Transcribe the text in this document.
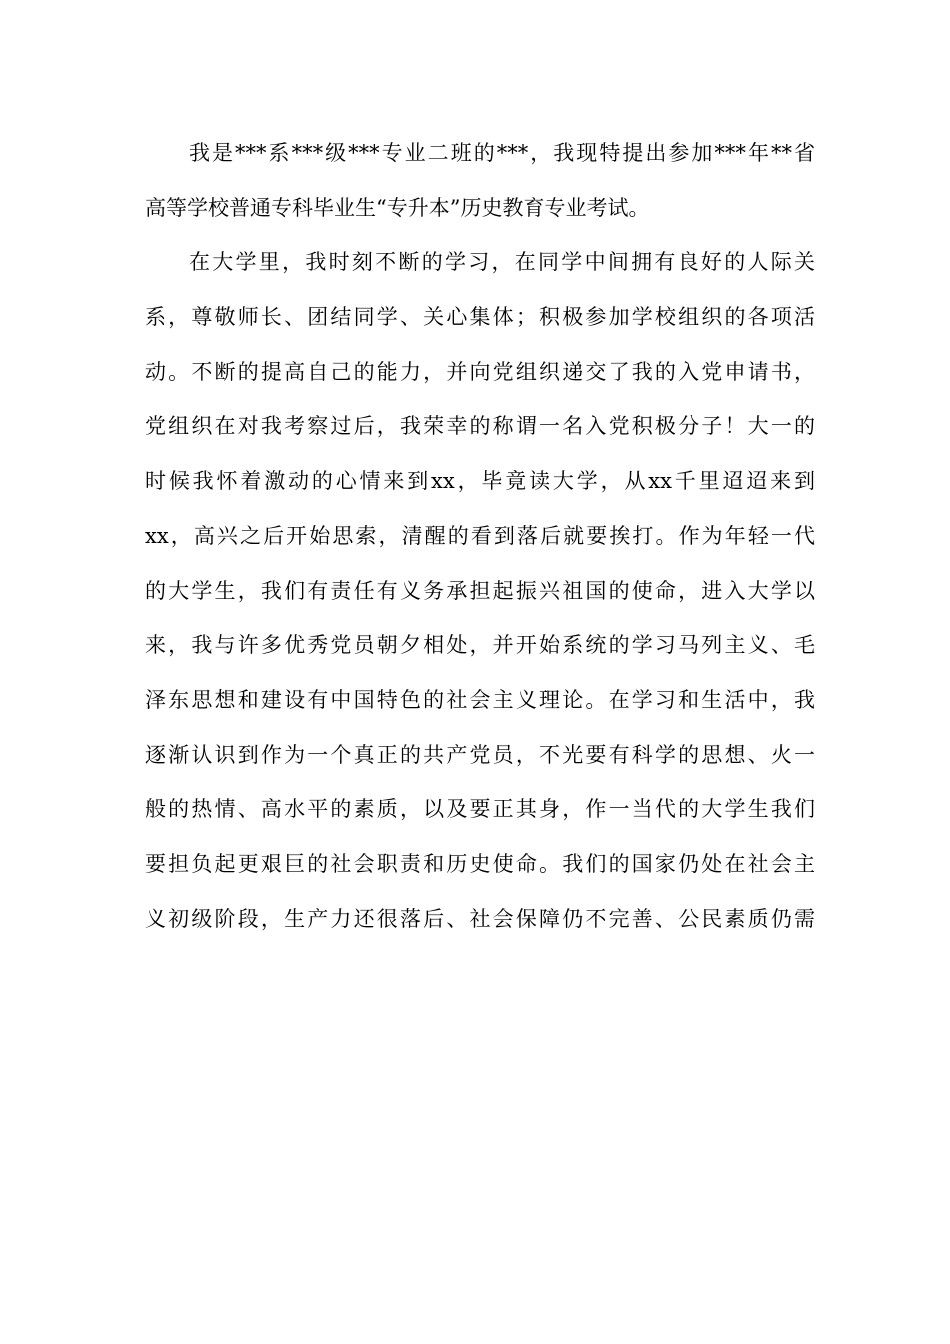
我是***系***级***专业二班的***，我现特提出参加***年**省
高等学校普通专科毕业生“专升本”历史教育专业考试。
在大学里，我时刻不断的学习，在同学中间拥有良好的人际关
系，尊敬师长、团结同学、关心集体；积极参加学校组织的各项活
动。不断的提高自己的能力，并向党组织递交了我的入党申请书，
党组织在对我考察过后，我荣幸的称谓一名入党积极分子！大一的
时候我怀着激动的心情来到xx，毕竟读大学，从xx千里迢迢来到
xx，高兴之后开始思索，清醒的看到落后就要挨打。作为年轻一代
的大学生，我们有责任有义务承担起振兴祖国的使命，进入大学以
来，我与许多优秀党员朝夕相处，并开始系统的学习马列主义、毛
泽东思想和建设有中国特色的社会主义理论。在学习和生活中，我
逐渐认识到作为一个真正的共产党员，不光要有科学的思想、火一
般的热情、高水平的素质，以及要正其身，作一当代的大学生我们
要担负起更艰巨的社会职责和历史使命。我们的国家仍处在社会主
义初级阶段，生产力还很落后、社会保障仍不完善、公民素质仍需
